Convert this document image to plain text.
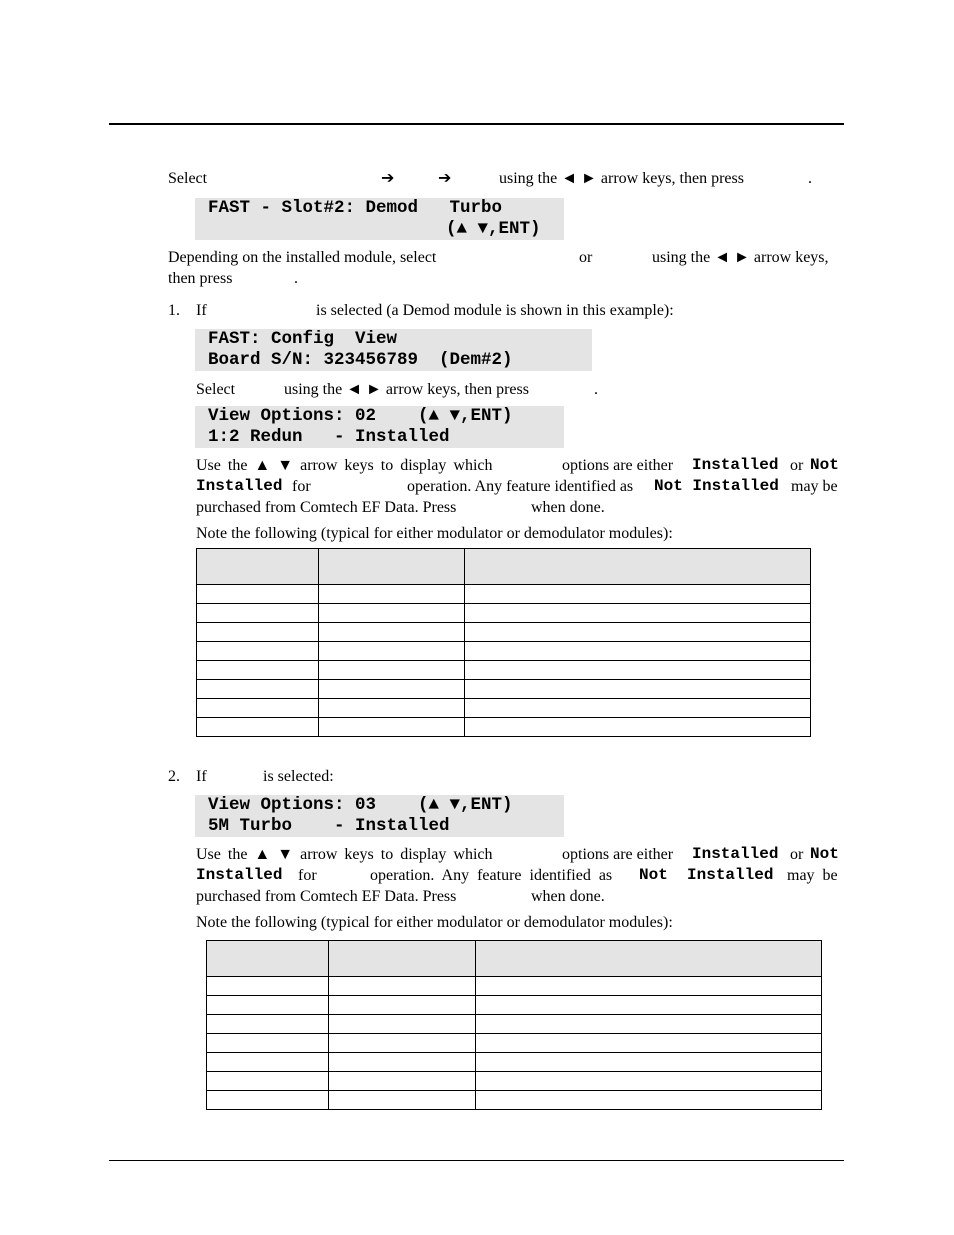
Select	➔	➔	using the ◄ ► arrow keys, then press	.
FAST - Slot#2: Demod   Turbo
(▲ ▼,ENT)
Depending on the installed module, select	or	using the ◄ ► arrow keys,
then press	.
1. If	is selected (a Demod module is shown in this example):
FAST: Config  View
Board S/N: 323456789  (Dem#2)
Select	using the ◄ ► arrow keys, then press	.
View Options: 02    (▲ ▼,ENT)
1:2 Redun   - Installed
Use the ▲ ▼ arrow keys to display which	options are either Installed or Not
Installed for	operation. Any feature identified as Not Installed may be
purchased from Comtech EF Data. Press	when done.
Note the following (typical for either modulator or demodulator modules):

2. If	is selected:
View Options: 03    (▲ ▼,ENT)
5M Turbo    - Installed
Use the ▲ ▼ arrow keys to display which	options are either Installed or Not
Installed for	operation. Any feature identified as Not  Installed may be
purchased from Comtech EF Data. Press	when done.
Note the following (typical for either modulator or demodulator modules):
